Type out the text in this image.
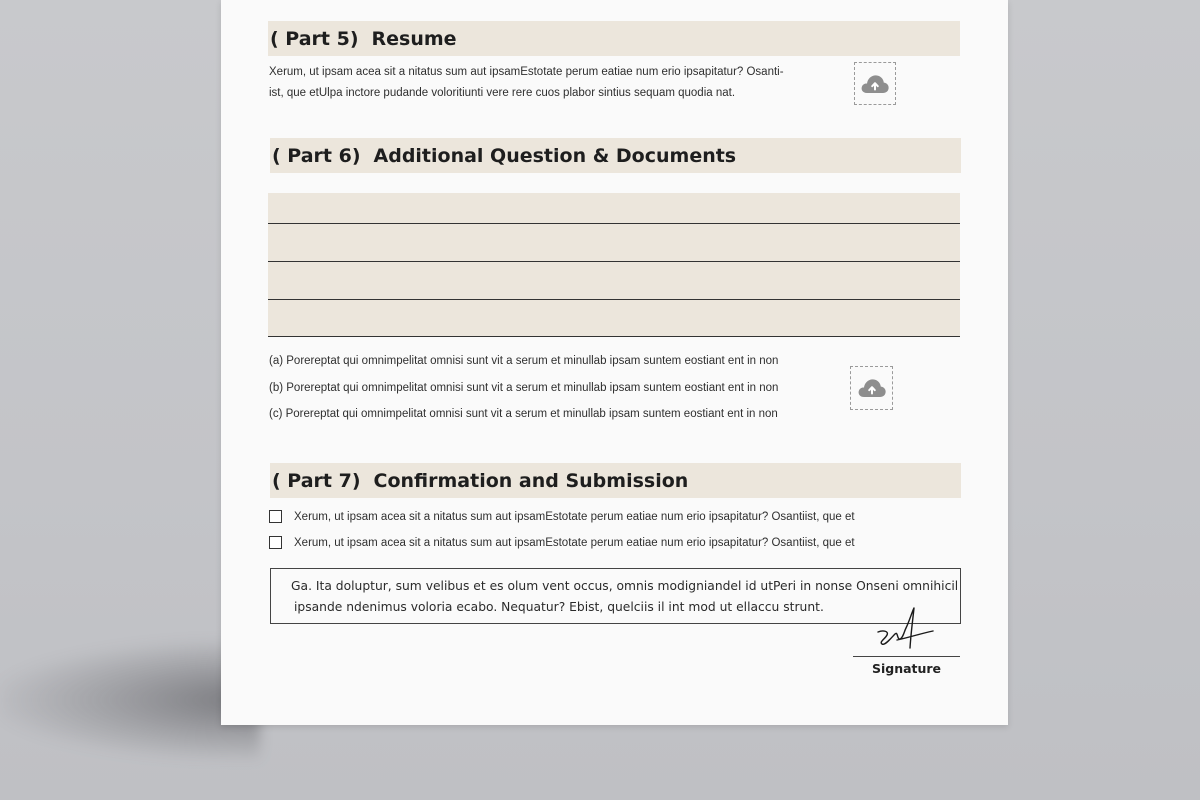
( Part 5) Resume
Xerum, ut ipsam acea sit a nitatus sum aut ipsamEstotate perum eatiae num erio ipsapitatur? Osanti-
ist, que etUlpa inctore pudande voloritiunti vere rere cuos plabor sintius sequam quodia nat.
( Part 6) Additional Question & Documents
(a) Porereptat qui omnimpelitat omnisi sunt vit a serum et minullab ipsam suntem eostiant ent in non
(b) Porereptat qui omnimpelitat omnisi sunt vit a serum et minullab ipsam suntem eostiant ent in non
(c) Porereptat qui omnimpelitat omnisi sunt vit a serum et minullab ipsam suntem eostiant ent in non
( Part 7) Confirmation and Submission
Xerum, ut ipsam acea sit a nitatus sum aut ipsamEstotate perum eatiae num erio ipsapitatur? Osantiist, que et
Xerum, ut ipsam acea sit a nitatus sum aut ipsamEstotate perum eatiae num erio ipsapitatur? Osantiist, que et
Ga. Ita doluptur, sum velibus et es olum vent occus, omnis modigniandel id utPeri in nonse Onseni omnihicil
ipsande ndenimus voloria ecabo. Nequatur? Ebist, quelciis il int mod ut ellaccu strunt.
Signature
